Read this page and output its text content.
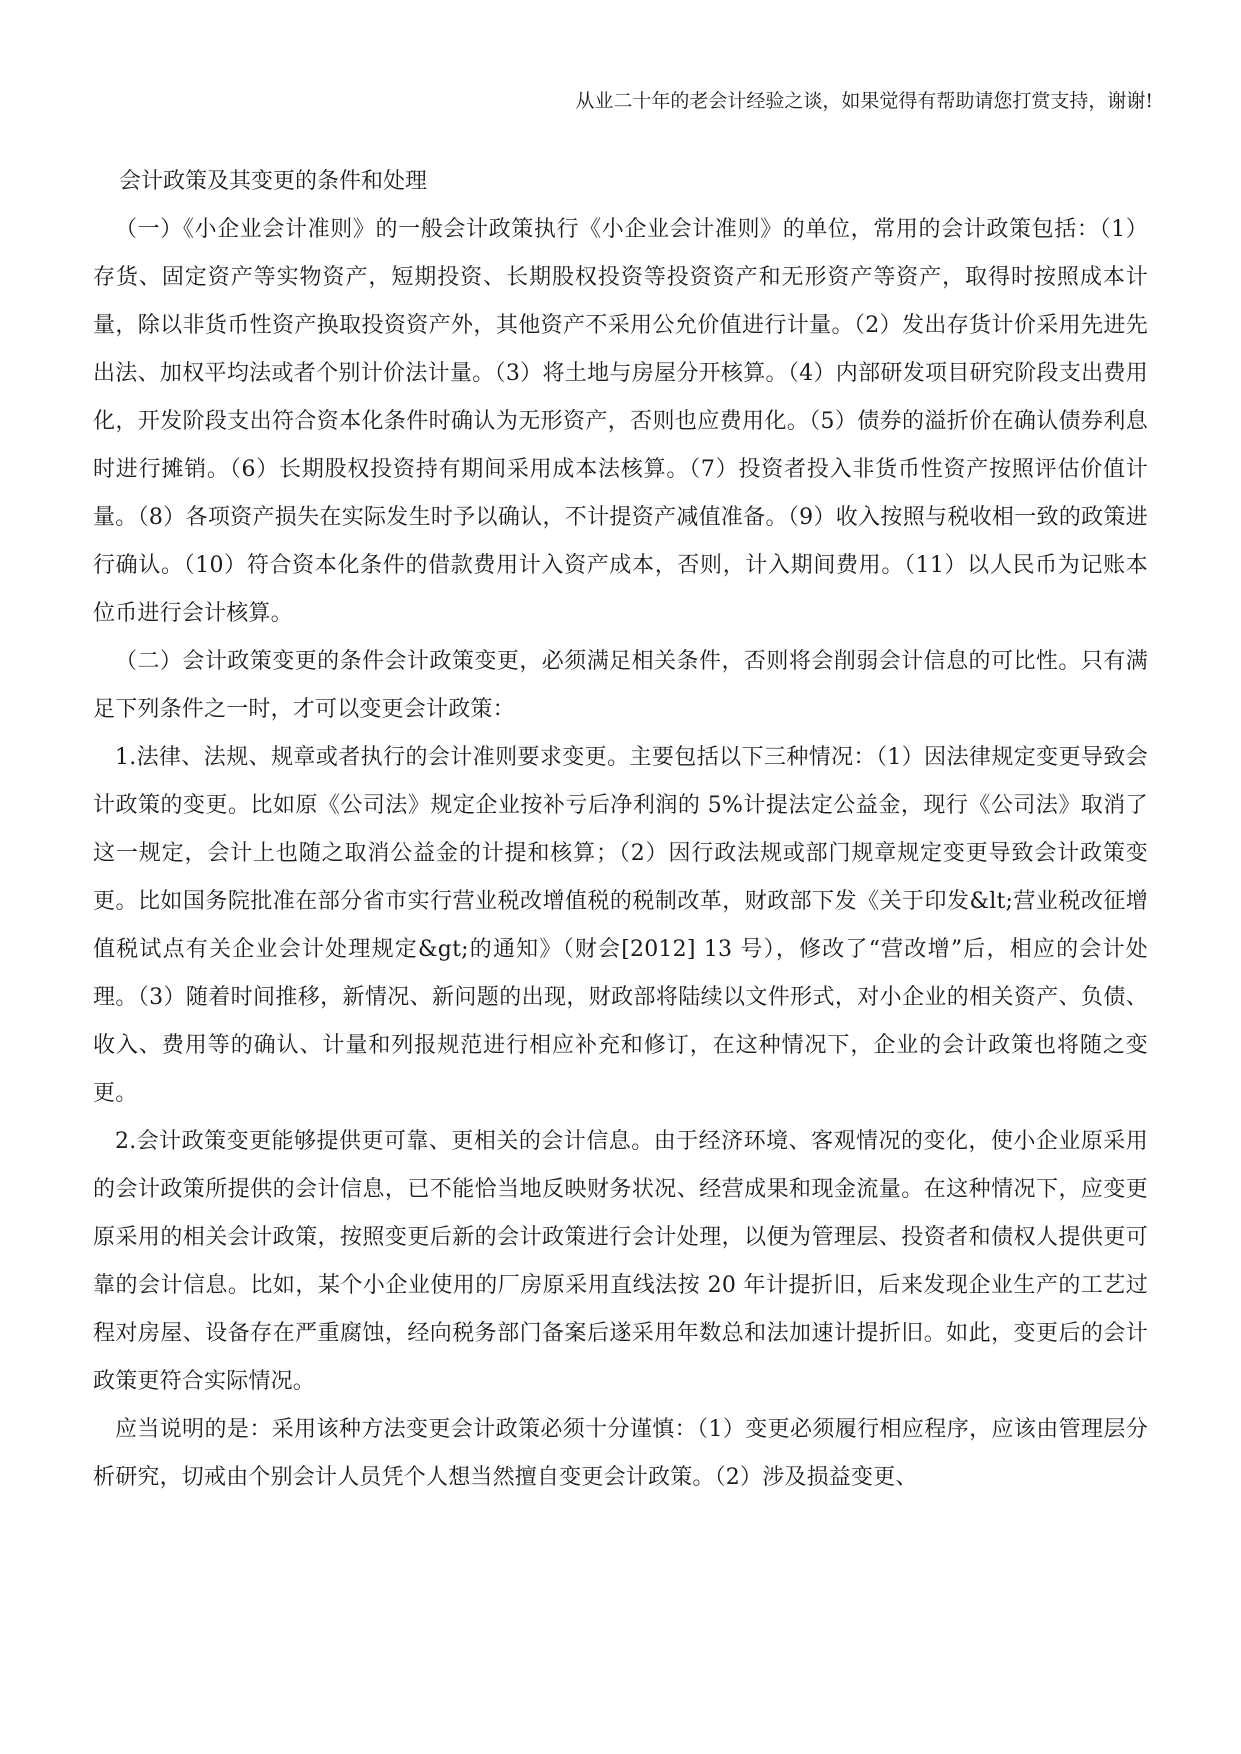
从业二十年的老会计经验之谈，如果觉得有帮助请您打赏支持，谢谢!
会计政策及其变更的条件和处理

（一）《小企业会计准则》的一般会计政策执行《小企业会计准则》的单位，常用的会计政策包括：（1）存货、固定资产等实物资产，短期投资、长期股权投资等投资资产和无形资产等资产，取得时按照成本计量，除以非货币性资产换取投资资产外，其他资产不采用公允价值进行计量。（2）发出存货计价采用先进先出法、加权平均法或者个别计价法计量。（3）将土地与房屋分开核算。（4）内部研发项目研究阶段支出费用化，开发阶段支出符合资本化条件时确认为无形资产，否则也应费用化。（5）债券的溢折价在确认债券利息时进行摊销。（6）长期股权投资持有期间采用成本法核算。（7）投资者投入非货币性资产按照评估价值计量。（8）各项资产损失在实际发生时予以确认，不计提资产减值准备。（9）收入按照与税收相一致的政策进行确认。（10）符合资本化条件的借款费用计入资产成本，否则，计入期间费用。（11）以人民币为记账本位币进行会计核算。

（二）会计政策变更的条件会计政策变更，必须满足相关条件，否则将会削弱会计信息的可比性。只有满足下列条件之一时，才可以变更会计政策：

1.法律、法规、规章或者执行的会计准则要求变更。主要包括以下三种情况：（1）因法律规定变更导致会计政策的变更。比如原《公司法》规定企业按补亏后净利润的 5%计提法定公益金，现行《公司法》取消了这一规定，会计上也随之取消公益金的计提和核算；（2）因行政法规或部门规章规定变更导致会计政策变更。比如国务院批准在部分省市实行营业税改增值税的税制改革，财政部下发《关于印发&lt;营业税改征增值税试点有关企业会计处理规定&gt;的通知》（财会[2012] 13 号），修改了“营改增”后，相应的会计处理。（3）随着时间推移，新情况、新问题的出现，财政部将陆续以文件形式，对小企业的相关资产、负债、收入、费用等的确认、计量和列报规范进行相应补充和修订，在这种情况下，企业的会计政策也将随之变更。

2.会计政策变更能够提供更可靠、更相关的会计信息。由于经济环境、客观情况的变化，使小企业原采用的会计政策所提供的会计信息，已不能恰当地反映财务状况、经营成果和现金流量。在这种情况下，应变更原采用的相关会计政策，按照变更后新的会计政策进行会计处理，以便为管理层、投资者和债权人提供更可靠的会计信息。比如，某个小企业使用的厂房原采用直线法按 20 年计提折旧，后来发现企业生产的工艺过程对房屋、设备存在严重腐蚀，经向税务部门备案后遂采用年数总和法加速计提折旧。如此，变更后的会计政策更符合实际情况。

应当说明的是：采用该种方法变更会计政策必须十分谨慎：（1）变更必须履行相应程序，应该由管理层分析研究，切戒由个别会计人员凭个人想当然擅自变更会计政策。（2）涉及损益变更、
